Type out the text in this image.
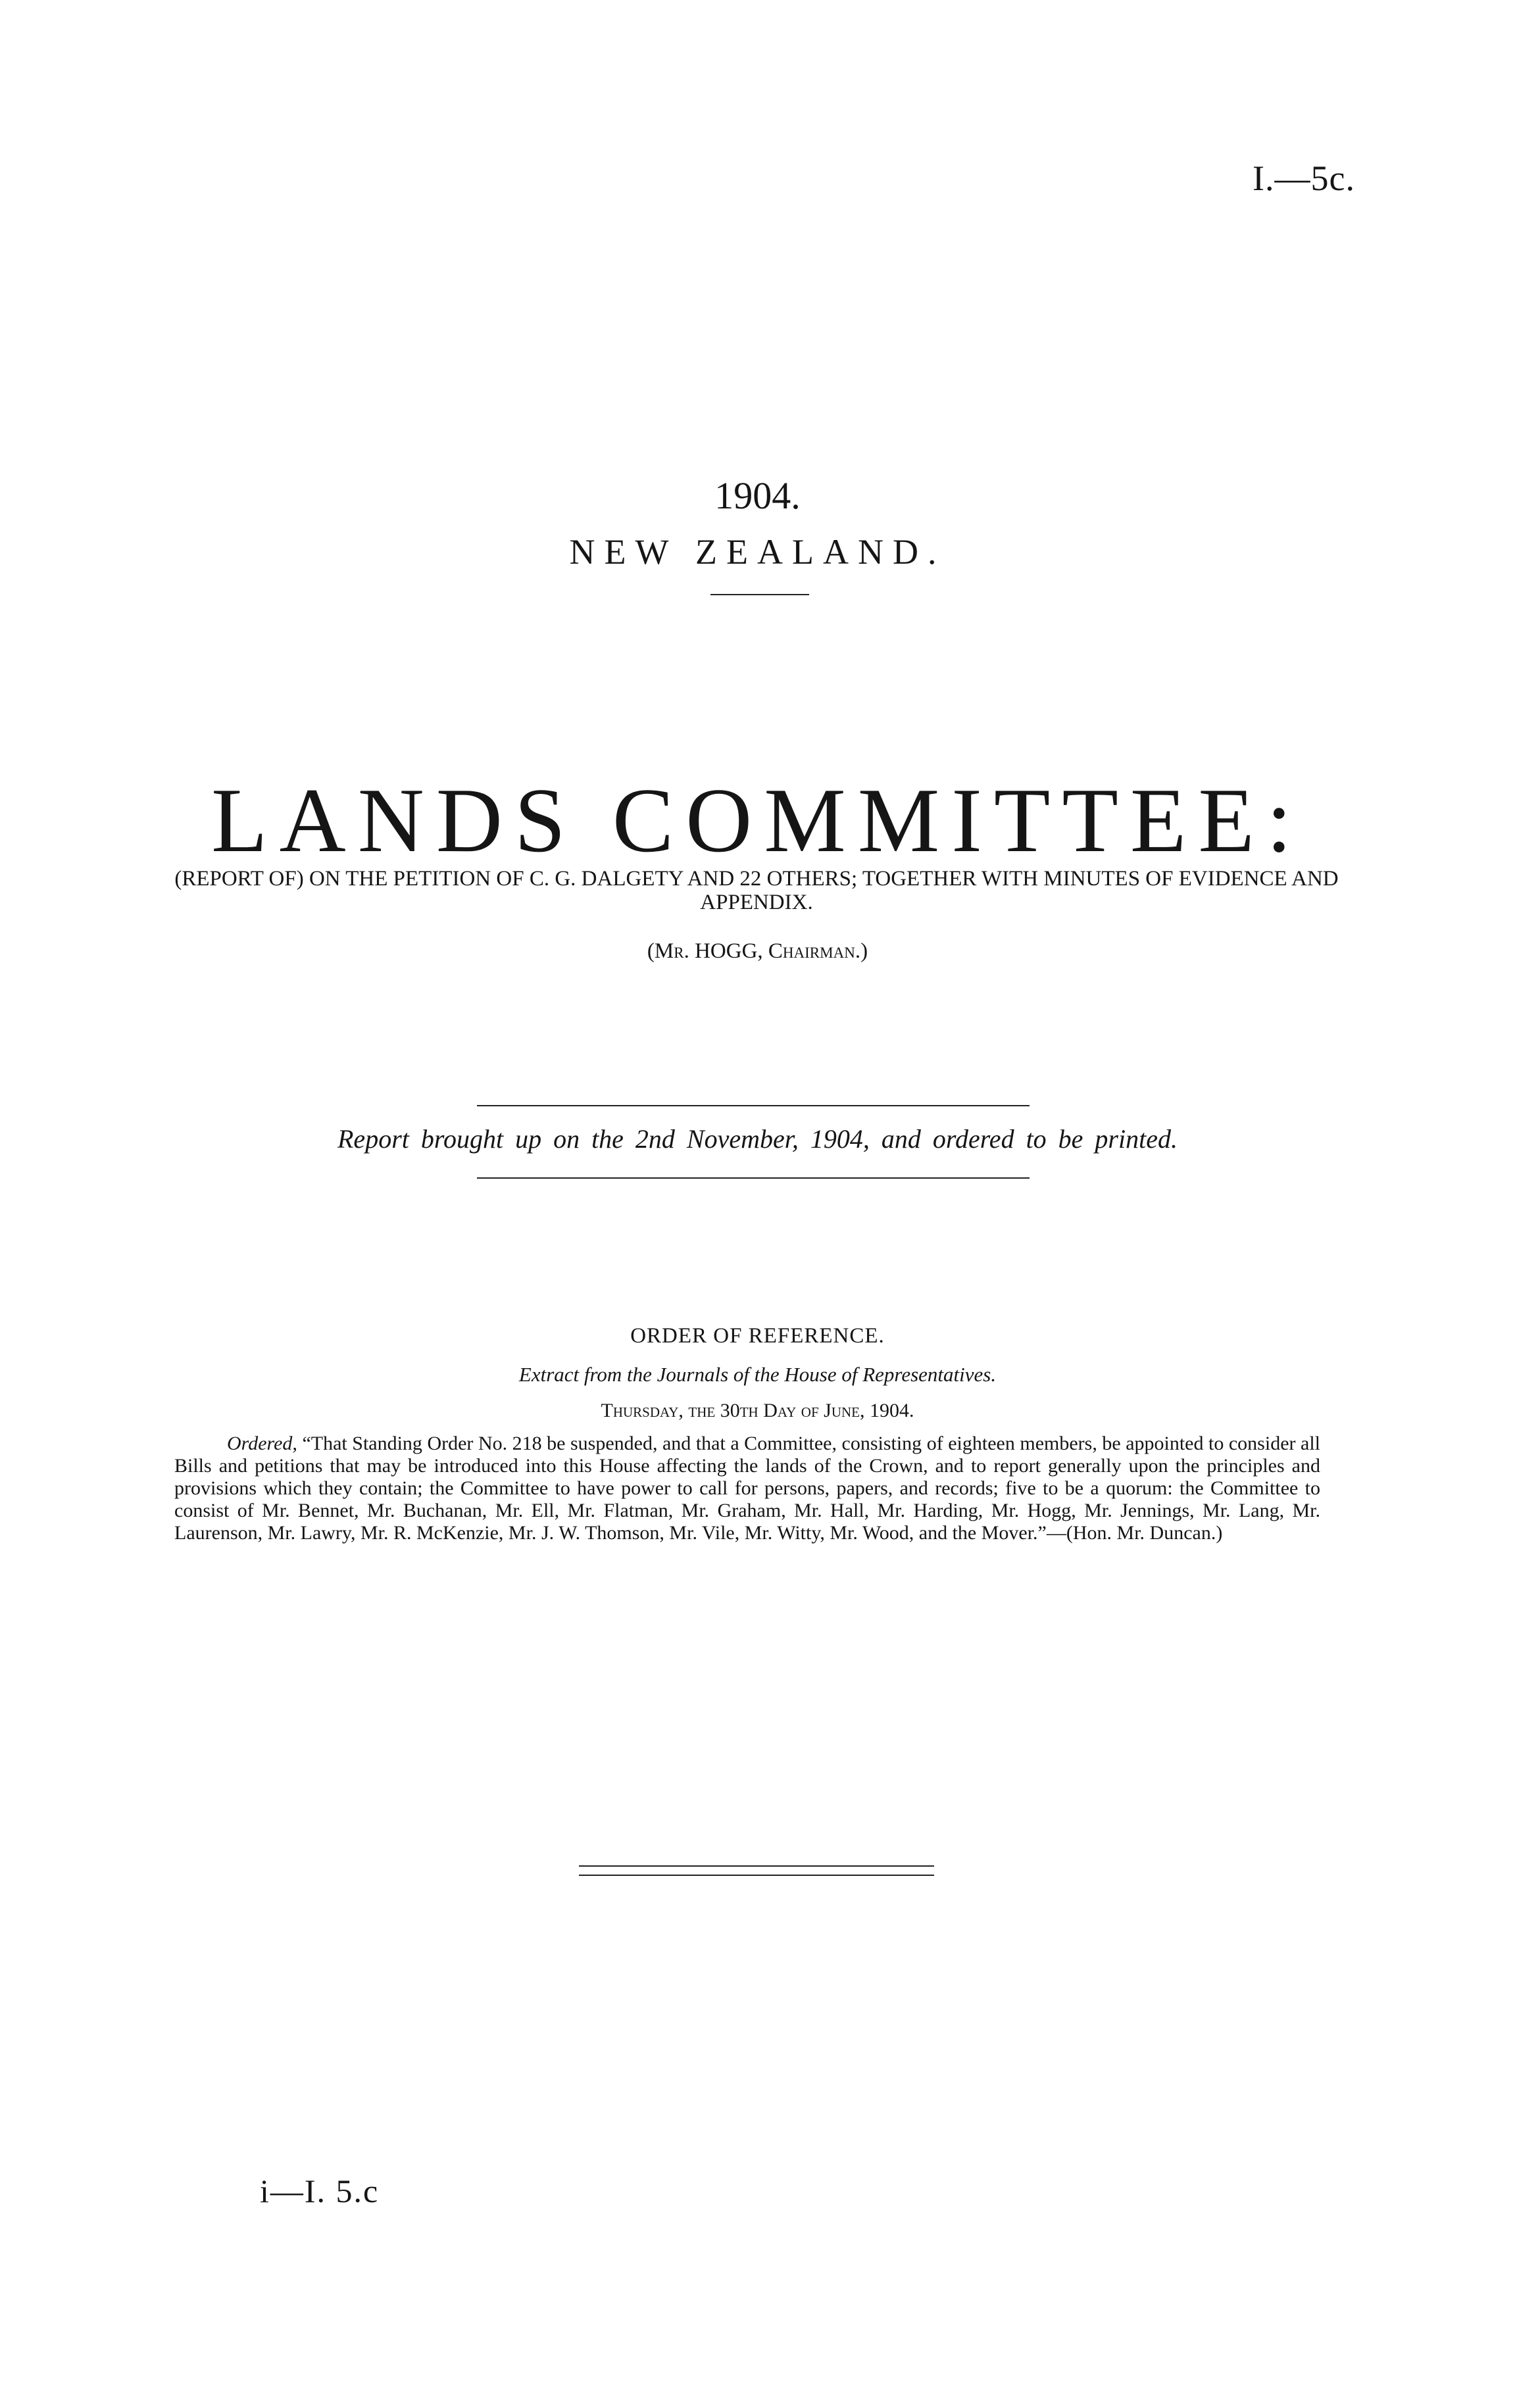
I.—5c.
1904.
NEW ZEALAND.
LANDS COMMITTEE:
(REPORT OF) ON THE PETITION OF C. G. DALGETY AND 22 OTHERS; TOGETHER WITH MINUTES OF EVIDENCE AND APPENDIX.
(Mr. HOGG, Chairman.)
Report brought up on the 2nd November, 1904, and ordered to be printed.
ORDER OF REFERENCE.
Extract from the Journals of the House of Representatives.
Thursday, the 30th Day of June, 1904.
Ordered, “That Standing Order No. 218 be suspended, and that a Committee, consisting of eighteen members, be appointed to consider all Bills and petitions that may be introduced into this House affecting the lands of the Crown, and to report generally upon the principles and provisions which they contain; the Committee to have power to call for persons, papers, and records; five to be a quorum: the Committee to consist of Mr. Bennet, Mr. Buchanan, Mr. Ell, Mr. Flatman, Mr. Graham, Mr. Hall, Mr. Harding, Mr. Hogg, Mr. Jennings, Mr. Lang, Mr. Laurenson, Mr. Lawry, Mr. R. McKenzie, Mr. J. W. Thomson, Mr. Vile, Mr. Witty, Mr. Wood, and the Mover.”—(Hon. Mr. Duncan.)
i—I. 5.c
